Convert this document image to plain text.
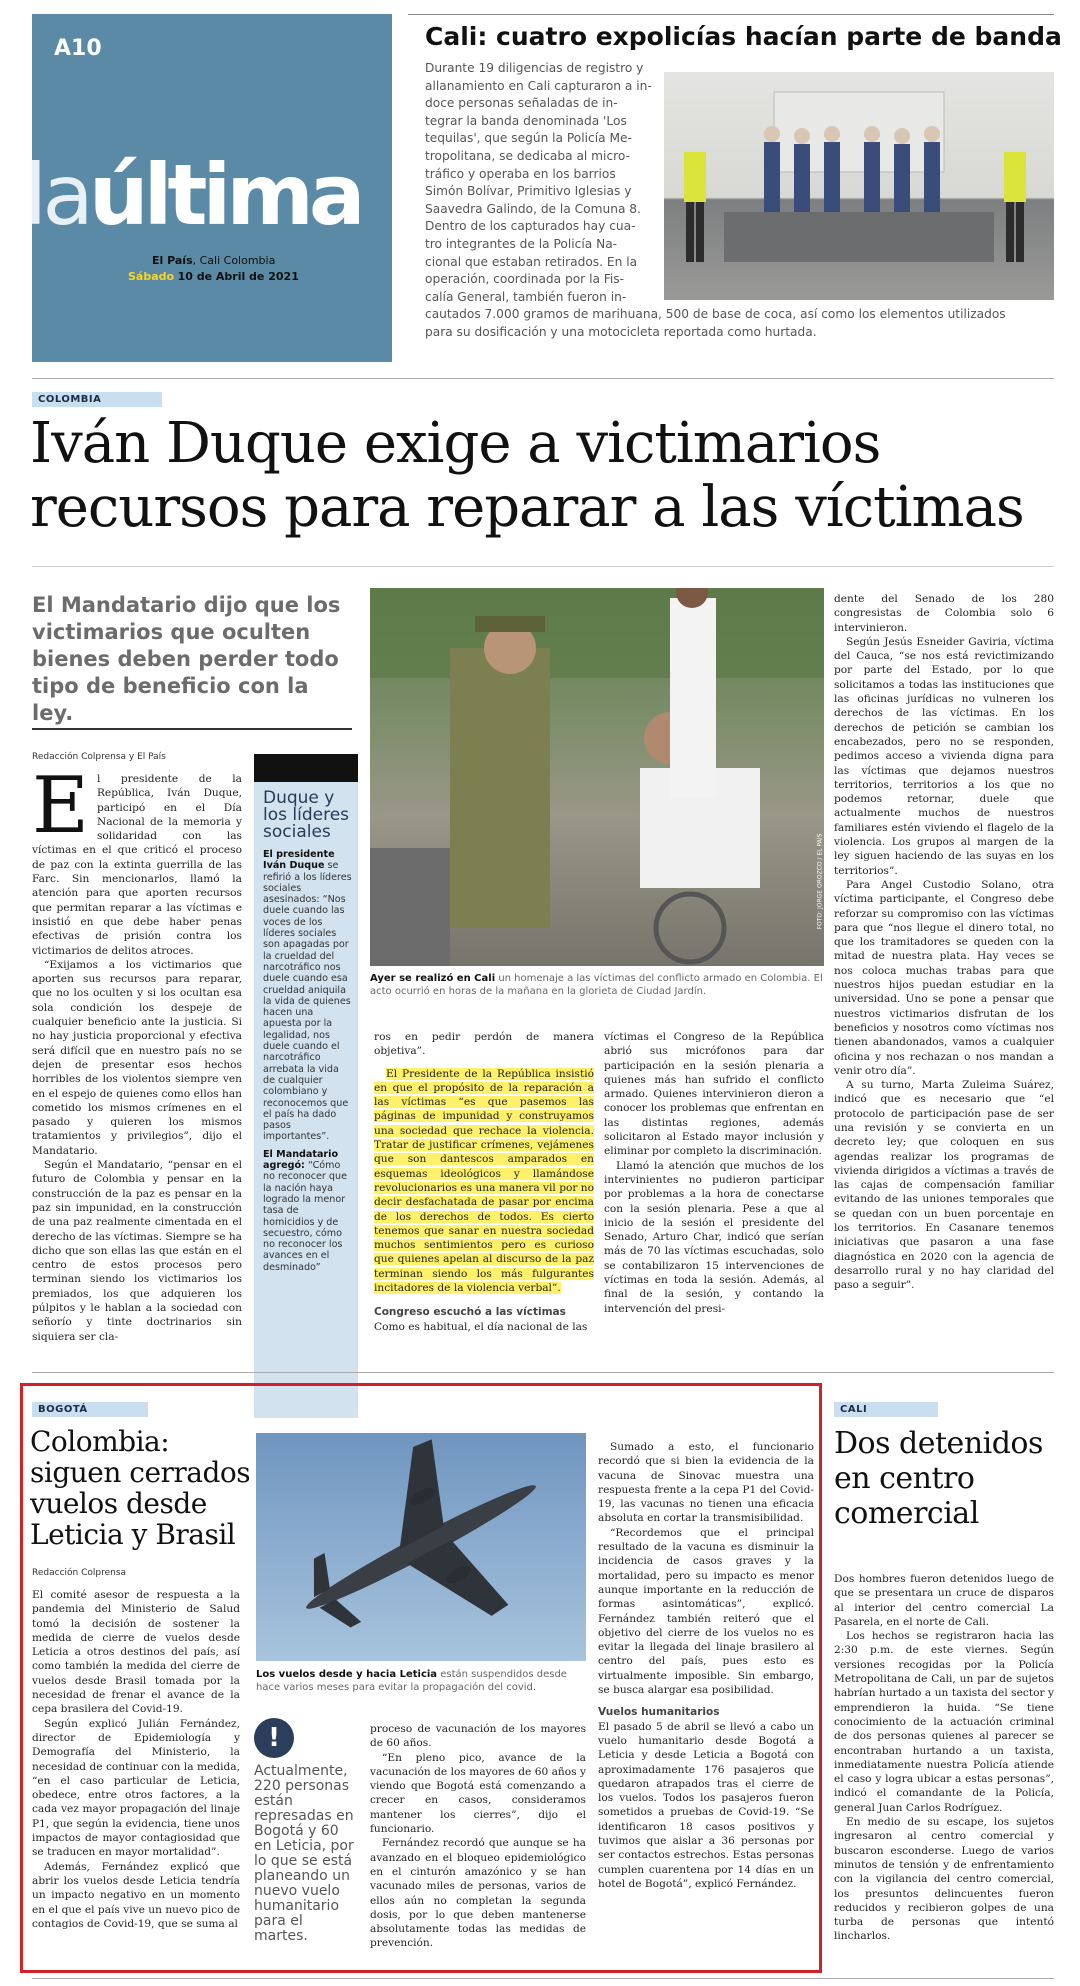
A10
laúltima
El País, Cali Colombia
Sábado 10 de Abril de 2021
Cali: cuatro expolicías hacían parte de banda
Durante 19 diligencias de registro y
allanamiento en Cali capturaron a in-
doce personas señaladas de in-
tegrar la banda denominada 'Los
tequilas', que según la Policía Me-
tropolitana, se dedicaba al micro-
tráfico y operaba en los barrios
Simón Bolívar, Primitivo Iglesias y
Saavedra Galindo, de la Comuna 8.
Dentro de los capturados hay cua-
tro integrantes de la Policía Na-
cional que estaban retirados. En la
operación, coordinada por la Fis-
calía General, también fueron in-
cautados 7.000 gramos de marihuana, 500 de base de coca, así como los elementos utilizados
para su dosificación y una motocicleta reportada como hurtada.
COLOMBIA
Iván Duque exige a victimarios
recursos para reparar a las víctimas
El Mandatario dijo que los victimarios que oculten bienes deben perder todo tipo de beneficio con la ley.
Redacción Colprensa y El País
E l presidente de la República, Iván Duque, participó en el Día Nacional de la memoria y solidaridad con las víctimas en el que criticó el proceso de paz con la extinta guerrilla de las Farc. Sin mencionarlos, llamó la atención para que aporten recursos que permitan reparar a las víctimas e insistió en que debe haber penas efectivas de prisión contra los victimarios de delitos atroces.

“Exijamos a los victimarios que aporten sus recursos para reparar, que no los oculten y si los ocultan esa sola condición los despeje de cualquier beneficio ante la justicia. Si no hay justicia proporcional y efectiva será difícil que en nuestro país no se dejen de presentar esos hechos horribles de los violentos siempre ven en el espejo de quienes como ellos han cometido los mismos crímenes en el pasado y quieren los mismos tratamientos y privilegios”, dijo el Mandatario.

Según el Mandatario, “pensar en el futuro de Colombia y pensar en la construcción de la paz es pensar en la paz sin impunidad, en la construcción de una paz realmente cimentada en el derecho de las víctimas. Siempre se ha dicho que son ellas las que están en el centro de estos procesos pero terminan siendo los victimarios los premiados, los que adquieren los púlpitos y le hablan a la sociedad con señorío y tinte doctrinarios sin siquiera ser cla-

Duque y los líderes sociales
El presidente Iván Duque se refirió a los líderes sociales asesinados: “Nos duele cuando las voces de los líderes sociales son apagadas por la crueldad del narcotráfico nos duele cuando esa crueldad aniquila la vida de quienes hacen una apuesta por la legalidad, nos duele cuando el narcotráfico arrebata la vida de cualquier colombiano y reconocemos que el país ha dado pasos importantes”.
El Mandatario agregó: “Cómo no reconocer que la nación haya logrado la menor tasa de homicidios y de secuestro, cómo no reconocer los avances en el desminado”
FOTO: JORGE OROZCO / EL PAÍS
Ayer se realizó en Cali un homenaje a las víctimas del conflicto armado en Colombia. El acto ocurrió en horas de la mañana en la glorieta de Ciudad Jardín.
ros en pedir perdón de manera objetiva”.
El Presidente de la República insistió en que el propósito de la reparación a las víctimas “es que pasemos las páginas de impunidad y construyamos una sociedad que rechace la violencia. Tratar de justificar crímenes, vejámenes que son dantescos amparados en esquemas ideológicos y llamándose revolucionarios es una manera vil por no decir desfachatada de pasar por encima de los derechos de todos. Es cierto tenemos que sanar en nuestra sociedad muchos sentimientos pero es curioso que quienes apelan al discurso de la paz terminan siendo los más fulgurantes incitadores de la violencia verbal”.
Congreso escuchó a las víctimas
Como es habitual, el día nacional de las
víctimas el Congreso de la República abrió sus micrófonos para dar participación en la sesión plenaria a quienes más han sufrido el conflicto armado. Quienes intervinieron dieron a conocer los problemas que enfrentan en las distintas regiones, además solicitaron al Estado mayor inclusión y eliminar por completo la discriminación.

Llamó la atención que muchos de los intervinientes no pudieron participar por problemas a la hora de conectarse con la sesión plenaria. Pese a que al inicio de la sesión el presidente del Senado, Arturo Char, indicó que serían más de 70 las víctimas escuchadas, solo se contabilizaron 15 intervenciones de víctimas en toda la sesión. Además, al final de la sesión, y contando la intervención del presi-

dente del Senado de los 280 congresistas de Colombia solo 6 intervinieron.

Según Jesús Esneider Gaviria, víctima del Cauca, “se nos está revictimizando por parte del Estado, por lo que solicitamos a todas las instituciones que las oficinas jurídicas no vulneren los derechos de las víctimas. En los derechos de petición se cambian los encabezados, pero no se responden, pedimos acceso a vivienda digna para las víctimas que dejamos nuestros territorios, territorios a los que no podemos retornar, duele que actualmente muchos de nuestros familiares estén viviendo el flagelo de la violencia. Los grupos al margen de la ley siguen haciendo de las suyas en los territorios”.

Para Angel Custodio Solano, otra víctima participante, el Congreso debe reforzar su compromiso con las víctimas para que “nos llegue el dinero total, no que los tramitadores se queden con la mitad de nuestra plata. Hay veces se nos coloca muchas trabas para que nuestros hijos puedan estudiar en la universidad. Uno se pone a pensar que nuestros victimarios disfrutan de los beneficios y nosotros como víctimas nos tienen abandonados, vamos a cualquier oficina y nos rechazan o nos mandan a venir otro día”.

A su turno, Marta Zuleima Suárez, indicó que es necesario que “el protocolo de participación pase de ser una revisión y se convierta en un decreto ley; que coloquen en sus agendas realizar los programas de vivienda dirigidos a víctimas a través de las cajas de compensación familiar evitando de las uniones temporales que se quedan con un buen porcentaje en los territorios. En Casanare tenemos iniciativas que pasaron a una fase diagnóstica en 2020 con la agencia de desarrollo rural y no hay claridad del paso a seguir”.

BOGOTÁ
Colombia:
siguen cerrados
vuelos desde
Leticia y Brasil
Redacción Colprensa
El comité asesor de respuesta a la pandemia del Ministerio de Salud tomó la decisión de sostener la medida de cierre de vuelos desde Leticia a otros destinos del país, así como también la medida del cierre de vuelos desde Brasil tomada por la necesidad de frenar el avance de la cepa brasilera del Covid-19.

Según explicó Julián Fernández, director de Epidemiología y Demografía del Ministerio, la necesidad de continuar con la medida, “en el caso particular de Leticia, obedece, entre otros factores, a la cada vez mayor propagación del linaje P1, que según la evidencia, tiene unos impactos de mayor contagiosidad que se traducen en mayor mortalidad”.

Además, Fernández explicó que abrir los vuelos desde Leticia tendría un impacto negativo en un momento en el que el país vive un nuevo pico de contagios de Covid-19, que se suma al

Los vuelos desde y hacia Leticia están suspendidos desde hace varios meses para evitar la propagación del covid.
!
Actualmente, 220 personas están represadas en Bogotá y 60 en Leticia, por lo que se está planeando un nuevo vuelo humanitario para el martes.
proceso de vacunación de los mayores de 60 años.

“En pleno pico, avance de la vacunación de los mayores de 60 años y viendo que Bogotá está comenzando a crecer en casos, consideramos mantener los cierres”, dijo el funcionario.

Fernández recordó que aunque se ha avanzado en el bloqueo epidemiológico en el cinturón amazónico y se han vacunado miles de personas, varios de ellos aún no completan la segunda dosis, por lo que deben mantenerse absolutamente todas las medidas de prevención.

Sumado a esto, el funcionario recordó que si bien la evidencia de la vacuna de Sinovac muestra una respuesta frente a la cepa P1 del Covid-19, las vacunas no tienen una eficacia absoluta en cortar la transmisibilidad.

“Recordemos que el principal resultado de la vacuna es disminuir la incidencia de casos graves y la mortalidad, pero su impacto es menor aunque importante en la reducción de formas asintomáticas”, explicó. Fernández también reiteró que el objetivo del cierre de los vuelos no es evitar la llegada del linaje brasilero al centro del país, pues esto es virtualmente imposible. Sin embargo, se busca alargar esa posibilidad.

Vuelos humanitarios
El pasado 5 de abril se llevó a cabo un vuelo humanitario desde Bogotá a Leticia y desde Leticia a Bogotá con aproximadamente 176 pasajeros que quedaron atrapados tras el cierre de los vuelos. Todos los pasajeros fueron sometidos a pruebas de Covid-19. “Se identificaron 18 casos positivos y tuvimos que aislar a 36 personas por ser contactos estrechos. Estas personas cumplen cuarentena por 14 días en un hotel de Bogotá”, explicó Fernández.
CALI
Dos detenidos
en centro
comercial
Dos hombres fueron detenidos luego de que se presentara un cruce de disparos al interior del centro comercial La Pasarela, en el norte de Cali.

Los hechos se registraron hacia las 2:30 p.m. de este viernes. Según versiones recogidas por la Policía Metropolitana de Cali, un par de sujetos habrían hurtado a un taxista del sector y emprendieron la huida. “Se tiene conocimiento de la actuación criminal de dos personas quienes al parecer se encontraban hurtando a un taxista, inmediatamente nuestra Policía atiende el caso y logra ubicar a estas personas”, indicó el comandante de la Policía, general Juan Carlos Rodríguez.

En medio de su escape, los sujetos ingresaron al centro comercial y buscaron esconderse. Luego de varios minutos de tensión y de enfrentamiento con la vigilancia del centro comercial, los presuntos delincuentes fueron reducidos y recibieron golpes de una turba de personas que intentó lincharlos.
